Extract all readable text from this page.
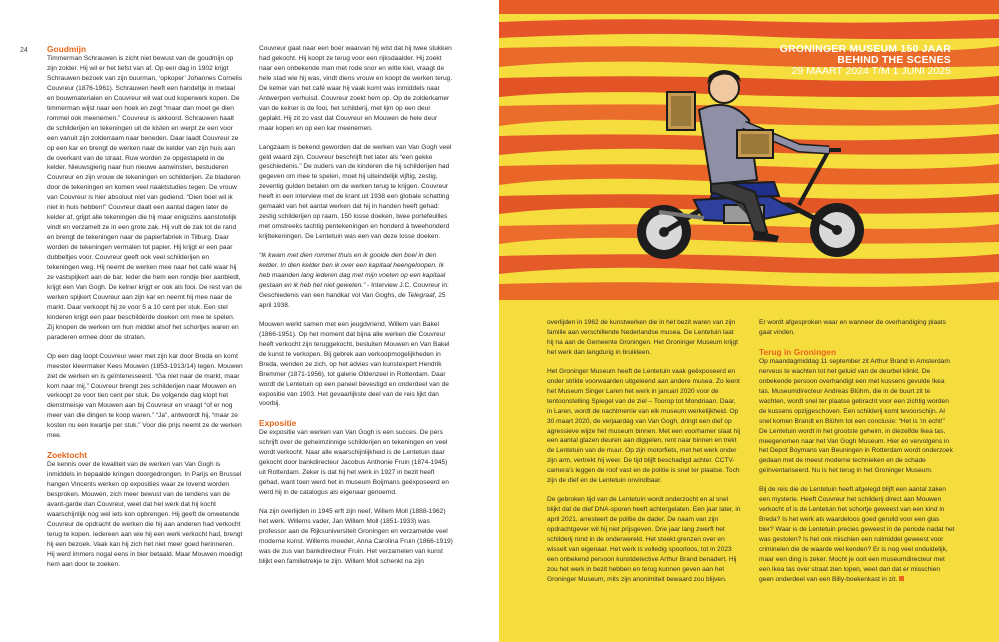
24 Goudmijn

Timmerman Schrauwen is zicht niet bewust van de goudmijn op zijn zolder. Hij wil er het liefst van af. Op een dag in 1902 krijgt Schrauwen bezoek van zijn buurman, ‘opkoper’ Johannes Cornelis Couvreur (1876-1961). Schrauwen heeft een handeltje in metaal en bouwmaterialen en Couvreur wil wat oud koperwerk kopen. De timmerman wijst naar een hoek en zegt “maar dan moet ge dien rommel ook meenemen.” Couvreur is akkoord. Schrauwen haalt de schilderijen en tekeningen uit de kisten en werpt ze een voor een vanuit zijn zolderraam naar beneden. Daar laadt Couvreur ze op een kar en brengt de werken naar de kelder van zijn huis aan de overkant van de straat. Ruw worden ze opgestapeld in de kelder. Nieuwsgierig naar hun nieuwe aanwinsten, bestuderen Couvreur en zijn vrouw de tekeningen en schilderijen. Ze bladeren door de tekeningen en komen veel naaktstudies tegen. De vrouw van Couvreur is hier absoluut niet van gediend. “Dien boel wil ik niet in huis hebben!” Couvreur daalt een aantal dagen later de kelder af, grijpt alle tekeningen die hij maar enigszins aanstotelijk vindt en verzamelt ze in een grote zak. Hij vult de zak tot de rand en brengt de tekeningen naar de papierfabriek in Tilburg. Daar worden de tekeningen vermalen tot papier. Hij krijgt er een paar dubbeltjes voor. Couvreur geeft ook veel schilderijen en tekeningen weg. Hij neemt de werken mee naar het café waar hij ze vastspijkert aan de bar. Ieder die hem een rondje bier aanbiedt, krijgt een Van Gogh. De kelner krijgt er ook als fooi. De rest van de werken spijkert Couvreur aan zijn kar en neemt hij mee naar de markt. Daar verkoopt hij ze voor 5 a 10 cent per stuk. Een stel kinderen krijgt een paar beschilderde doeken om mee te spelen. Zij knopen de werken om hun middel alsof het schortjes waren en paraderen ermee door de straten.

Op een dag loopt Couvreur weer met zijn kar door Breda en komt meester kleermaker Kees Mouwen (1853-1913/14) tegen. Mouwen ziet de werken en is geïnteresseerd. “Ga niet naar de markt, maar kom naar mij.” Couvreur brengt zes schilderijen naar Mouwen en verkoopt ze voor tien cent per stuk. De volgende dag klopt het dienstmeisje van Mouwen aan bij Couvreur en vraagt “of er nog meer van die dingen te koop waren.” “Ja”, antwoordt hij, “maar ze kosten nu een kwartje per stuk.” Voor die prijs neemt ze de werken mee.

Zoektocht

De kennis over de kwaliteit van de werken van Van Gogh is inmiddels in bepaalde kringen doorgedrongen. In Parijs en Brussel hangen Vincents werken op exposities waar ze lovend worden besproken. Mouwen, zich meer bewust van de tendens van de avant-garde dan Couvreur, weet dat het werk dat hij kocht waarschijnlijk nog wel iets kon opbrengen. Hij geeft de onwetende Couvreur de opdracht de werken die hij aan anderen had verkocht terug te kopen. Iedereen aan wie hij een werk verkocht had, brengt hij een bezoek. Vaak kan hij zich het niet meer goed herinneren. Hij werd immers nogal eens in bier betaald. Maar Mouwen moedigt hem aan door te zoeken.

Couvreur gaat naar een boer waarvan hij wist dat hij twee stukken had gekocht. Hij koopt ze terug voor een rijksdaalder. Hij zoekt naar een onbekende man met rode snor en witte kiel, vraagt de hele stad wie hij was, vindt diens vrouw en koopt de werken terug. De kelner van het café waar hij vaak komt was inmiddels naar Antwerpen verhuisd. Couvreur zoekt hem op. Op de zolderkamer van de kelner is de fooi, het schilderij, met lijm op een deur geplakt. Hij zit zo vast dat Couvreur en Mouwen de hele deur maar kopen en op een kar meenemen.

Langzaam is bekend geworden dat de werken van Van Gogh veel geld waard zijn. Couvreur beschrijft het later als “een gekke geschiedenis.” De ouders van de kinderen die hij schilderijen had gegeven om mee te spelen, moet hij uiteindelijk vijftig, zestig, zeventig gulden betalen om de werken terug te krijgen. Couvreur heeft in een interview met de krant uit 1938 een globale schatting gemaakt van het aantal werken dat hij in handen heeft gehad: zestig schilderijen op raam, 150 losse doeken, twee portefeuilles met omstreeks tachtig pentekeningen en honderd à tweehonderd krijttekeningen. De Lentetuin was een van deze losse doeken.

“Ik kwam met dien rommel thuis en ik gooide den boel in den kelder. In dien kelder ben ik over een kapitaal heengeloopen. Ik heb maanden lang iederen dag met mijn voeten op een kapitaal gestaan en ik heb het niet geweten.” - Interview J.C. Couvreur in: Geschiedenis van een handkar vol Van Goghs, de Telegraaf, 25 april 1938.

Mouwen werkt samen met een jeugdvriend, Willem van Bakel (1866-1951). Op het moment dat bijna alle werken die Couvreur heeft verkocht zijn teruggekocht, besluiten Mouwen en Van Bakel de kunst te verkopen. Bij gebrek aan verkoopmogelijkheden in Breda, wenden ze zich, op het advies van kunstexpert Hendrik Bremmer (1871-1956), tot galerie Oldenzeel in Rotterdam. Daar wordt de Lentetuin op een paneel bevestigd en onderdeel van de expositie van 1903. Het gevaarlijkste deel van de reis lijkt dan voorbij.

Expositie

De expositie van werken van Van Gogh is een succes. De pers schrijft over de geheimzinnige schilderijen en tekeningen en veel wordt verkocht. Naar alle waarschijnlijkheid is de Lentetuin daar gekocht door bankdirecteur Jacobus Anthonie Fruin (1874-1945) uit Rotterdam. Zeker is dat hij het werk in 1927 in bezit heeft gehad, want toen werd het in museum Boijmans geëxposeerd en werd hij in de catalogus als eigenaar genoemd.

Na zijn overlijden in 1945 erft zijn neef, Willem Moll (1888-1962) het werk. Willems vader, Jan Willem Moll (1851-1933) was professor aan de Rijksuniversiteit Groningen en verzamelde veel moderne kunst. Willems moeder, Anna Carolina Fruin (1866-1919) was de zus van bankdirecteur Fruin. Het verzamelen van kunst blijkt een familietrekje te zijn. Willem Moll schenkt na zijn

GRONINGER MUSEUM 150 JAAR
BEHIND THE SCENES
29 MAART 2024 T/M 1 JUNI 2025

overlijden in 1962 de kunstwerken die in het bezit waren van zijn familie aan verschillende Nederlandse musea. De Lentetuin laat hij na aan de Gemeente Groningen. Het Groninger Museum krijgt het werk dan langdurig in bruikleen.

Het Groninger Museum heeft de Lentetuin vaak geëxposeerd en onder strikte voorwaarden uitgeleend aan andere musea. Zo leent het Museum Singer Laren het werk in januari 2020 voor de tentoonstelling Spiegel van de ziel – Toorop tot Mondriaan. Daar, in Laren, wordt de nachtmerrie van elk museum werkelijkheid. Op 30 maart 2020, de verjaardag van Van Gogh, dringt een dief op agressieve wijze het museum binnen. Met een voorhamer slaat hij een aantal glazen deuren aan diggelen, rent naar binnen en trekt de Lentetuin van de muur. Op zijn motorfiets, met het werk onder zijn arm, vertrekt hij weer. De tijd blijft beschadigd achter. CCTV-camera’s leggen de roof vast en de politie is snel ter plaatse. Toch zijn de dief en de Lentetuin onvindbaar.

De gebroken tijd van de Lentetuin wordt onderzocht en al snel blijkt dat de dief DNA-sporen heeft achtergelaten. Een jaar later, in april 2021, arresteert de politie de dader. De naam van zijn opdrachtgever wil hij niet prijsgeven. Drie jaar lang zwerft het schilderij rond in de onderwereld. Het steekt grenzen over en wisselt van eigenaar. Het werk is volledig spoorloos, tot in 2023 een onbekend persoon kunstdetective Arthur Brand benadert. Hij zou het werk in bezit hebben en terug kunnen geven aan het Groninger Museum, mits zijn anonimiteit bewaard zou blijven.

Er wordt afgesproken waar en wanneer de overhandiging plaats gaat vinden.

Terug in Groningen

Op maandagmiddag 11 september zit Arthur Brand in Amsterdam nerveus te wachten tot het geluid van de deurbel klinkt. De onbekende persoon overhandigt een met kussens gevulde Ikea tas. Museumdirecteur Andreas Blühm, die in de buurt zit te wachten, wordt snel ter plaatse gebracht voor een zichtig worden de kussens opzijgeschoven. Een schilderij komt tevoorschijn. Al snel komen Brandt en Blühm tot een conclusie: “Het is ’m echt!” De Lentetuin wordt in het grootste geheim, in diezelfde Ikea tas, meegenomen naar het Van Gogh Museum. Hier en vervolgens in het Depot Boymans van Beuningen in Rotterdam wordt onderzoek gedaan met de meest moderne technieken en de schade geïnventariseerd. Nu is het terug in het Groninger Museum.

Bij de reis die de Lentetuin heeft afgelegd blijft een aantal zaken een mysterie. Heeft Couvreur het schilderij direct aan Mouwen verkocht of is de Lentetuin het schortje geweest van een kind in Breda? Is het werk als waardeloos goed geruild voor een glas bier? Waar is de Lentetuin precies geweest in de periode nadat het was gestolen? Is het ook mischien een ruilmiddel geweest voor criminelen die de waarde wel kenden? Er is nog veel onduidelijk, maar een ding is zeker. Mocht je ooit een museumdirecteur met een Ikea tas over straat zien lopen, weet dan dat er misschien geen onderdeel van een Billy-boekenkast in zit.
